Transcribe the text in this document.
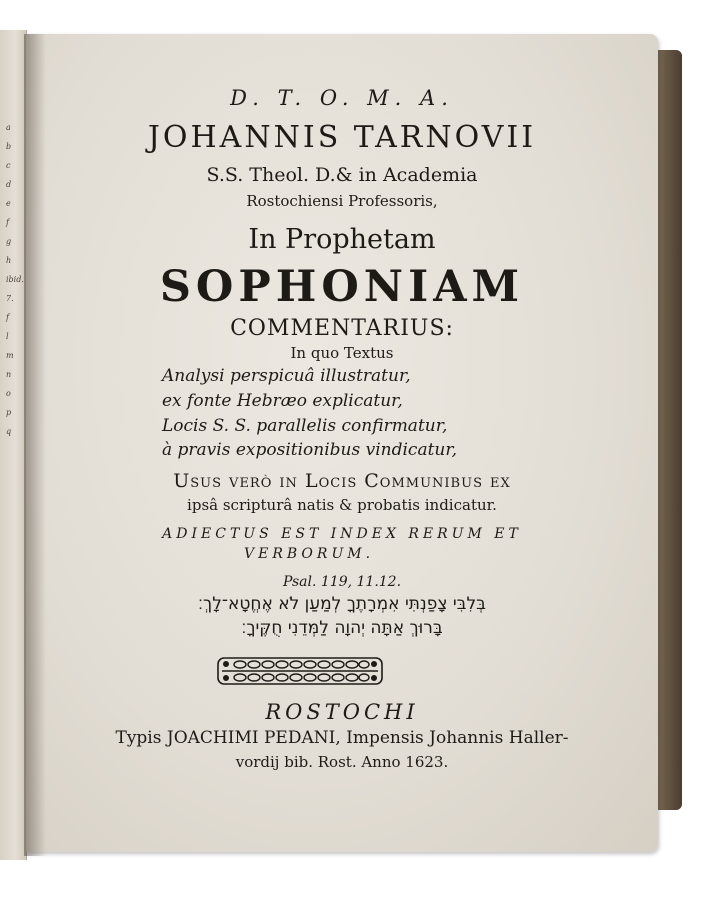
a
b
c
d
e
f
g
h
ibid.
7.
f
l
m
n
o
p
q
D. T. O. M. A.
JOHANNIS TARNOVII
S.S. Theol. D.& in Academia
Rostochiensi Professoris,
In Prophetam
SOPHONIAM
COMMENTARIUS:
In quo Textus
Analysi perspicuâ illustratur,
ex fonte Hebræo explicatur,
Locis S. S. parallelis confirmatur,
à pravis expositionibus vindicatur,
Usus verò in Locis Communibus ex
ipsâ scripturâ natis & probatis indicatur.
ADIECTUS EST INDEX RERUM ET
VERBORUM.
Psal. 119, 11.12.
בְּלִבִּי צָפַנְתִּי אִמְרָתֶךָ לְמַעַן לֹא אֶחֱטָא־לָךְ׃
בָּרוּךְ אַתָּה יְהוָה לַמְּדֵנִי חֻקֶּיךָ׃
ROSTOCHI
Typis JOACHIMI PEDANI, Impensis Johannis Haller-
vordij bib. Rost. Anno 1623.
